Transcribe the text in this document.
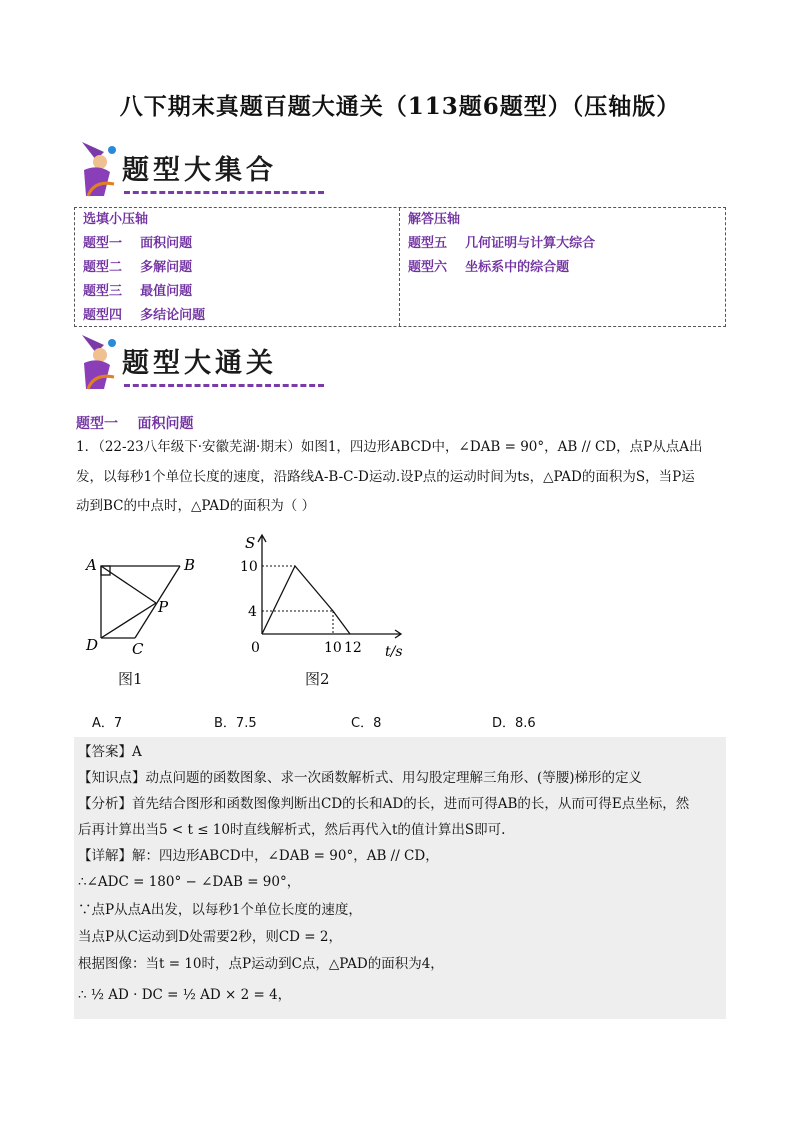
八下期末真题百题大通关（113题6题型）（压轴版）
题型大集合
选填小压轴
题型一    面积问题
题型二    多解问题
题型三    最值问题
题型四    多结论问题
解答压轴
题型五    几何证明与计算大综合
题型六    坐标系中的综合题
题型大通关
题型一    面积问题
1．（22-23八年级下·安徽芜湖·期末）如图1，四边形ABCD中，∠DAB = 90°，AB // CD，点P从点A出
发，以每秒1个单位长度的速度，沿路线A-B-C-D运动.设P点的运动时间为ts，△PAD的面积为S，当P运
动到BC的中点时，△PAD的面积为（ ）
A	B
C
D
P
图1
S
10
4
0	10 12 t/s
图2
A．7	B．7.5	C．8	D．8.6
【答案】A
【知识点】动点问题的函数图象、求一次函数解析式、用勾股定理解三角形、(等腰)梯形的定义
【分析】首先结合图形和函数图像判断出CD的长和AD的长，进而可得AB的长，从而可得E点坐标，然
后再计算出当5 < t ≤ 10时直线解析式，然后再代入t的值计算出S即可.
【详解】解：四边形ABCD中，∠DAB = 90°，AB // CD，
∴∠ADC = 180° − ∠DAB = 90°，
∵点P从点A出发，以每秒1个单位长度的速度，
当点P从C运动到D处需要2秒，则CD = 2，
根据图像：当t = 10时，点P运动到C点，△PAD的面积为4，
∴ ½ AD · DC = ½ AD × 2 = 4，
